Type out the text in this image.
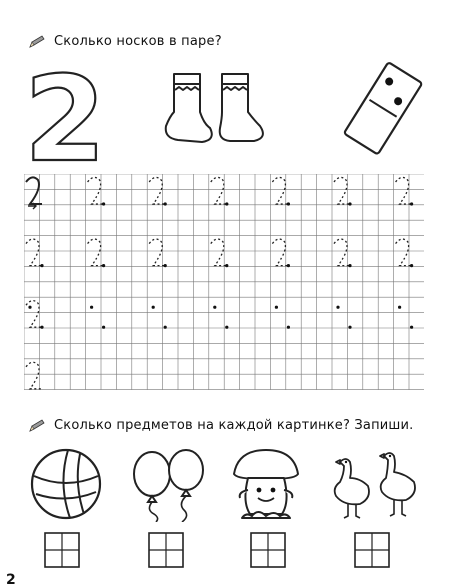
Сколько носков в паре?
2
Сколько предметов на каждой картинке? Запиши.
2
